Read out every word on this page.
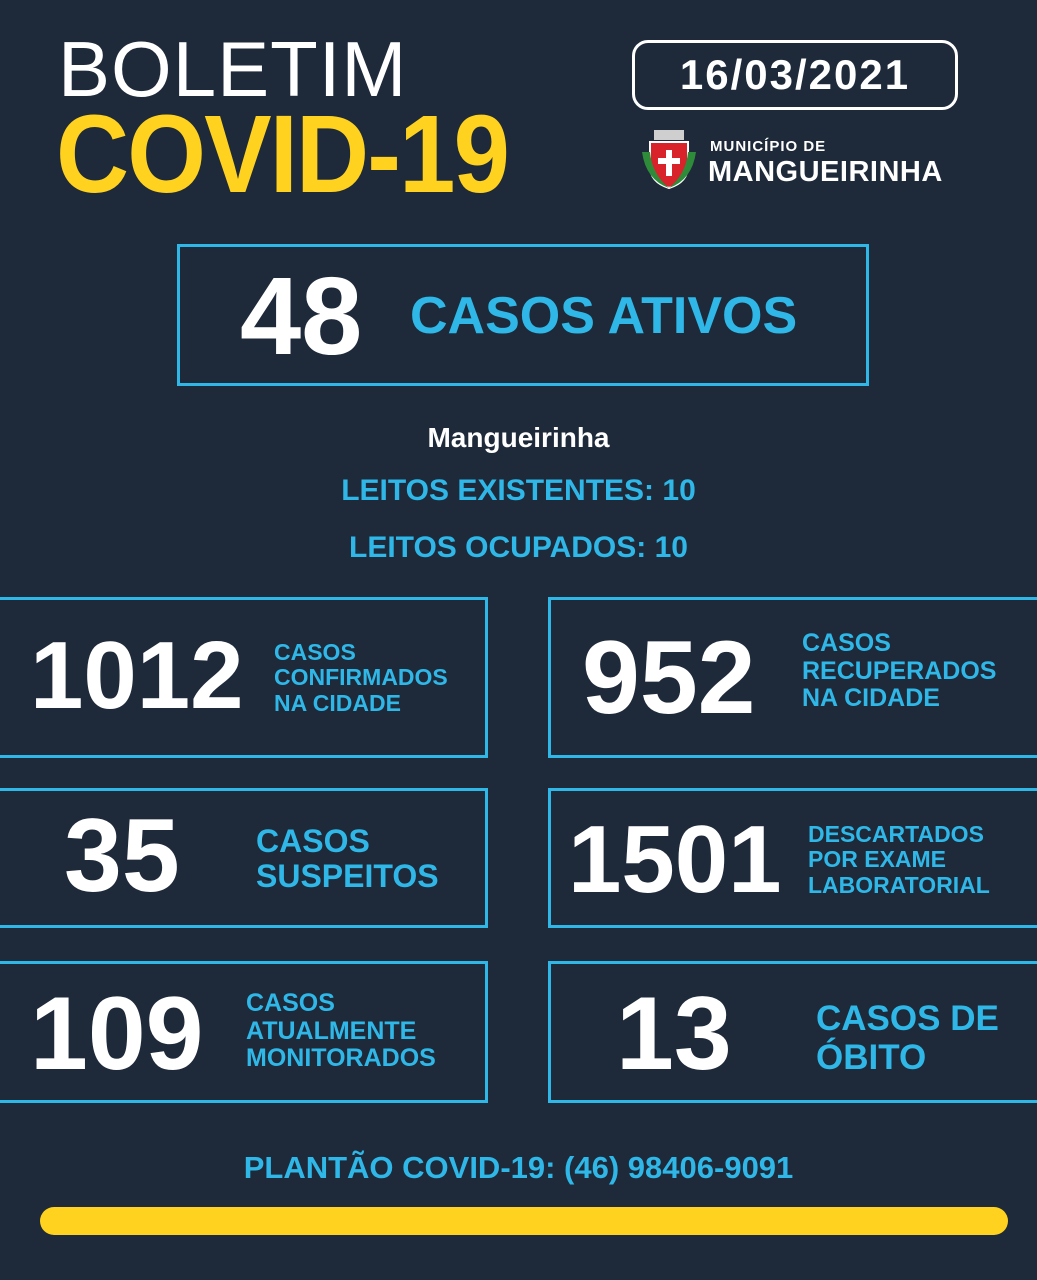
BOLETIM
COVID-19
16/03/2021
MUNICÍPIO DE
MANGUEIRINHA
48 CASOS ATIVOS
Mangueirinha
LEITOS EXISTENTES: 10
LEITOS OCUPADOS: 10
1012 CASOS
CONFIRMADOS
NA CIDADE	952 CASOS
RECUPERADOS
NA CIDADE
35 CASOS
SUSPEITOS 1501 DESCARTADOS
POR EXAME
LABORATORIAL
109 CASOS
ATUALMENTE
MONITORADOS 13 CASOS DE
ÓBITO
PLANTÃO COVID-19: (46) 98406-9091
